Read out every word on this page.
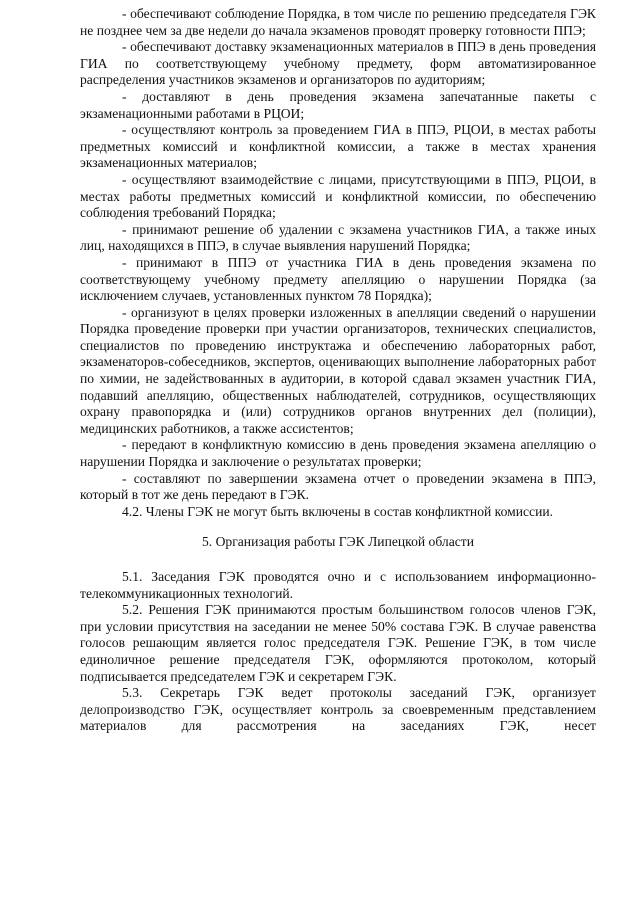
- обеспечивают соблюдение Порядка, в том числе по решению председателя ГЭК не позднее чем за две недели до начала экзаменов проводят проверку готовности ППЭ;

- обеспечивают доставку экзаменационных материалов в ППЭ в день проведения ГИА по соответствующему учебному предмету, форм автоматизированное распределения участников экзаменов и организаторов по аудиториям;

- доставляют в день проведения экзамена запечатанные пакеты с экзаменационными работами в РЦОИ;

- осуществляют контроль за проведением ГИА в ППЭ, РЦОИ, в местах работы предметных комиссий и конфликтной комиссии, а также в местах хранения экзаменационных материалов;

- осуществляют взаимодействие с лицами, присутствующими в ППЭ, РЦОИ, в местах работы предметных комиссий и конфликтной комиссии, по обеспечению соблюдения требований Порядка;

- принимают решение об удалении с экзамена участников ГИА, а также иных лиц, находящихся в ППЭ, в случае выявления нарушений Порядка;

- принимают в ППЭ от участника ГИА в день проведения экзамена по соответствующему учебному предмету апелляцию о нарушении Порядка (за исключением случаев, установленных пунктом 78 Порядка);

- организуют в целях проверки изложенных в апелляции сведений о нарушении Порядка проведение проверки при участии организаторов, технических специалистов, специалистов по проведению инструктажа и обеспечению лабораторных работ, экзаменаторов-собеседников, экспертов, оценивающих выполнение лабораторных работ по химии, не задействованных в аудитории, в которой сдавал экзамен участник ГИА, подавший апелляцию, общественных наблюдателей, сотрудников, осуществляющих охрану правопорядка и (или) сотрудников органов внутренних дел (полиции), медицинских работников, а также ассистентов;

- передают в конфликтную комиссию в день проведения экзамена апелляцию о нарушении Порядка и заключение о результатах проверки;

- составляют по завершении экзамена отчет о проведении экзамена в ППЭ, который в тот же день передают в ГЭК.

4.2. Члены ГЭК не могут быть включены в состав конфликтной комиссии.

5. Организация работы ГЭК Липецкой области

5.1. Заседания ГЭК проводятся очно и с использованием информационно-телекоммуникационных технологий.

5.2. Решения ГЭК принимаются простым большинством голосов членов ГЭК, при условии присутствия на заседании не менее 50% состава ГЭК. В случае равенства голосов решающим является голос председателя ГЭК. Решение ГЭК, в том числе единоличное решение председателя ГЭК, оформляются протоколом, который подписывается председателем ГЭК и секретарем ГЭК.

5.3. Секретарь ГЭК ведет протоколы заседаний ГЭК, организует делопроизводство ГЭК, осуществляет контроль за своевременным представлением материалов для рассмотрения на заседаниях ГЭК, несет
